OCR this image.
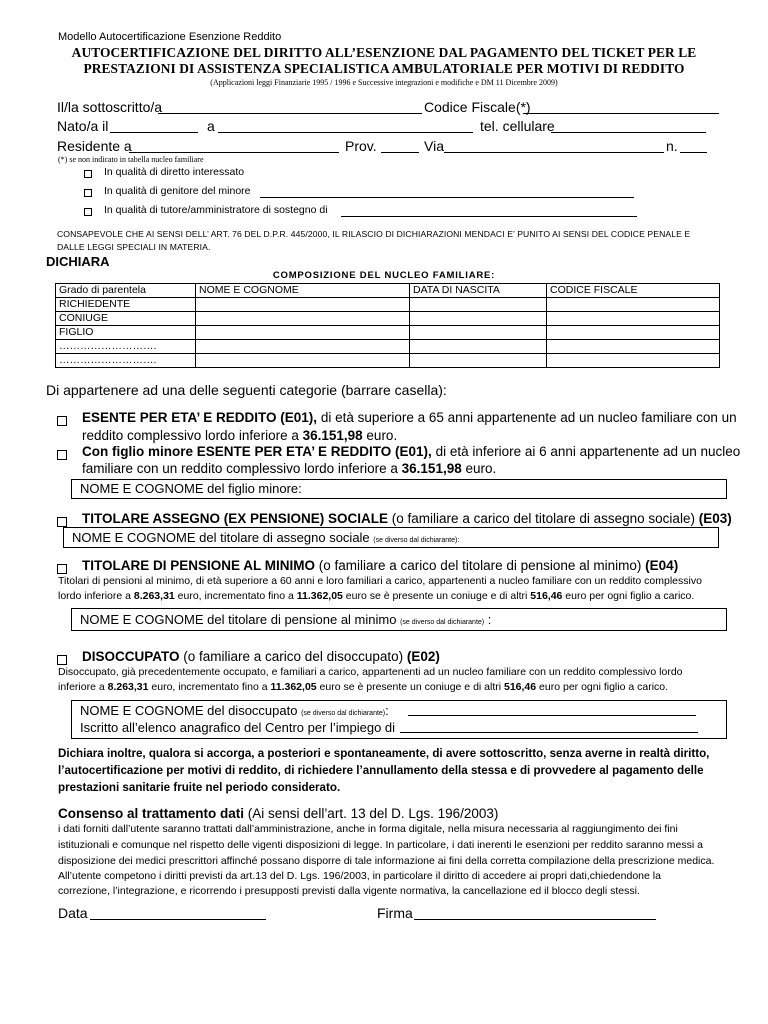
Modello Autocertificazione Esenzione Reddito
AUTOCERTIFICAZIONE DEL DIRITTO ALL’ESENZIONE DAL PAGAMENTO DEL TICKET PER LE
PRESTAZIONI DI ASSISTENZA SPECIALISTICA AMBULATORIALE PER MOTIVI DI REDDITO
(Applicazioni leggi Finanziarie 1995 / 1996 e Successive integrazioni e modifiche e DM 11 Dicembre 2009)
Il/la sottoscritto/a	Codice Fiscale(*)
Nato/a il	a	tel. cellulare
Residente a	Prov.	Via	n.
(*) se non indicato in tabella nucleo familiare
In qualità di diretto interessato
In qualità di genitore del minore
In qualità di tutore/amministratore di sostegno di
CONSAPEVOLE CHE AI SENSI DELL’ ART. 76 DEL D.P.R. 445/2000, IL RILASCIO DI DICHIARAZIONI MENDACI E’ PUNITO AI SENSI DEL CODICE PENALE E
DALLE LEGGI SPECIALI IN MATERIA.
DICHIARA
COMPOSIZIONE DEL NUCLEO FAMILIARE:
Grado di parentela	NOME E COGNOME	DATA DI NASCITA	CODICE FISCALE
RICHIEDENTE			
CONIUGE			
FIGLIO			
……………………….			
……………………….			
Di appartenere ad una delle seguenti categorie (barrare casella):
ESENTE PER ETA’ E REDDITO (E01), di età superiore a 65 anni appartenente ad un nucleo familiare con un
reddito complessivo lordo inferiore a 36.151,98 euro.
Con figlio minore ESENTE PER ETA’ E REDDITO (E01), di età inferiore ai 6 anni appartenente ad un nucleo
familiare con un reddito complessivo lordo inferiore a 36.151,98 euro.
NOME E COGNOME del figlio minore:
TITOLARE ASSEGNO (EX PENSIONE) SOCIALE (o familiare a carico del titolare di assegno sociale) (E03)
NOME E COGNOME del titolare di assegno sociale (se diverso dal dichiarante):
TITOLARE DI PENSIONE AL MINIMO (o familiare a carico del titolare di pensione al minimo) (E04)
Titolari di pensioni al minimo, di età superiore a 60 anni e loro familiari a carico, appartenenti a nucleo familiare con un reddito complessivo
lordo inferiore a 8.263,31 euro, incrementato fino a 11.362,05 euro se è presente un coniuge e di altri 516,46 euro per ogni figlio a carico.
NOME E COGNOME del titolare di pensione al minimo (se diverso dal dichiarante) :
DISOCCUPATO (o familiare a carico del disoccupato) (E02)
Disoccupato, già precedentemente occupato, e familiari a carico, appartenenti ad un nucleo familiare con un reddito complessivo lordo
inferiore a 8.263,31 euro, incrementato fino a 11.362,05 euro se è presente un coniuge e di altri 516,46 euro per ogni figlio a carico.
NOME E COGNOME del disoccupato (se diverso dal dichiarante):
Iscritto all’elenco anagrafico del Centro per l’impiego di
Dichiara inoltre, qualora si accorga, a posteriori e spontaneamente, di avere sottoscritto, senza averne in realtà diritto,
l’autocertificazione per motivi di reddito, di richiedere l’annullamento della stessa e di provvedere al pagamento delle
prestazioni sanitarie fruite nel periodo considerato.
Consenso al trattamento dati (Ai sensi dell’art. 13 del D. Lgs. 196/2003)
i dati forniti dall’utente saranno trattati dall’amministrazione, anche in forma digitale, nella misura necessaria al raggiungimento dei fini
istituzionali e comunque nel rispetto delle vigenti disposizioni di legge. In particolare, i dati inerenti le esenzioni per reddito saranno messi a
disposizione dei medici prescrittori affinché possano disporre di tale informazione ai fini della corretta compilazione della prescrizione medica.
All’utente competono i diritti previsti da art.13 del D. Lgs. 196/2003, in particolare il diritto di accedere ai propri dati,chiedendone la
correzione, l’integrazione, e ricorrendo i presupposti previsti dalla vigente normativa, la cancellazione ed il blocco degli stessi.
Data	Firma
